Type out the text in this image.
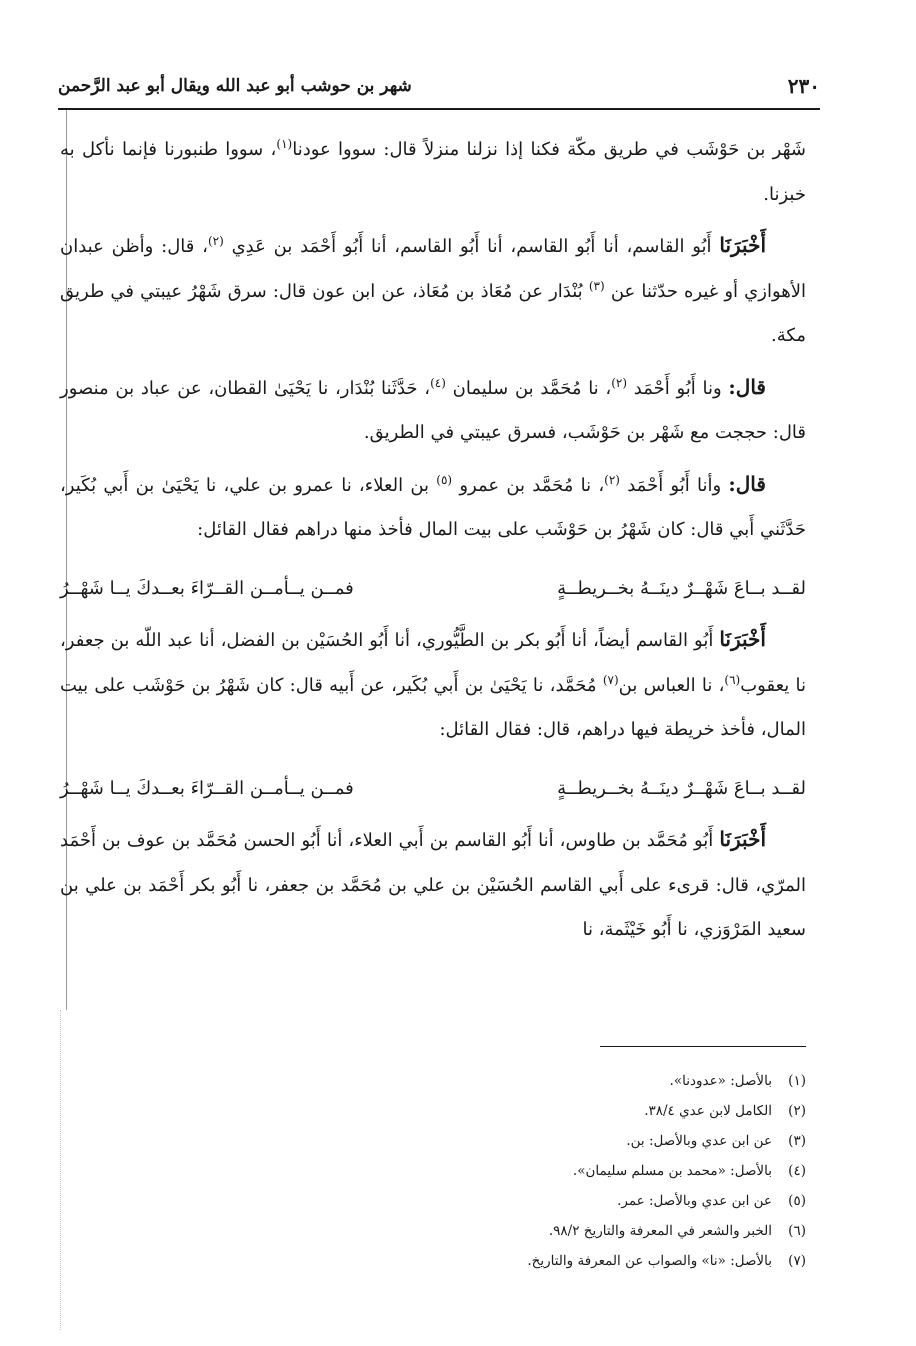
٢٣٠
شهر بن حوشب أبو عبد الله ويقال أبو عبد الرَّحمن

شَهْر بن حَوْشَب في طريق مكّة فكنا إذا نزلنا منزلاً قال: سووا عودنا$^{(١)}$، سووا طنبورنا فإنما نأكل به خبزنا.

أَخْبَرَنَا أَبُو القاسم، أنا أَبُو القاسم، أنا أَبُو القاسم، أنا أَبُو أَحْمَد بن عَدِي $^{(٢)}$، قال: وأظن عبدان الأهوازي أو غيره حدّثنا عن $^{(٣)}$ بُنْدَار عن مُعَاذ بن مُعَاذ، عن ابن عون قال: سرق شَهْرُ عيبتي في طريق مكة.

قال: ونا أَبُو أَحْمَد $^{(٢)}$، نا مُحَمَّد بن سليمان $^{(٤)}$، حَدَّثَنا بُنْدَار، نا يَحْيَىٰ القطان، عن عباد بن منصور قال: حججت مع شَهْر بن حَوْشَب، فسرق عيبتي في الطريق.

قال: وأنا أَبُو أَحْمَد $^{(٢)}$، نا مُحَمَّد بن عمرو $^{(٥)}$ بن العلاء، نا عمرو بن علي، نا يَحْيَىٰ بن أَبي بُكَير، حَدَّثَني أَبي قال: كان شَهْرُ بن حَوْشَب على بيت المال فأخذ منها دراهم فقال القائل:

لقــد بــاعَ شَهْــرٌ دينَــهُ بخــريطــةٍ
فمــن يــأمــن القــرّاءَ بعــدكَ يــا شَهْــرُ

أَخْبَرَنَا أَبُو القاسم أيضاً، أنا أَبُو بكر بن الطَّيُّوري، أنا أَبُو الحُسَيْن بن الفضل، أنا عبد اللّه بن جعفر، نا يعقوب$^{(٦)}$، نا العباس بن$^{(٧)}$ مُحَمَّد، نا يَحْيَىٰ بن أَبي بُكَير، عن أَبيه قال: كان شَهْرُ بن حَوْشَب على بيت المال، فأخذ خريطة فيها دراهم، قال: فقال القائل:

لقــد بــاعَ شَهْــرٌ دينَــهُ بخــريطــةٍ
فمــن يــأمــن القــرّاءَ بعــدكَ يــا شَهْــرُ

أَخْبَرَنَا أَبُو مُحَمَّد بن طاوس، أنا أَبُو القاسم بن أَبي العلاء، أنا أَبُو الحسن مُحَمَّد بن عوف بن أَحْمَد المرّي، قال: قرىء على أَبي القاسم الحُسَيْن بن علي بن مُحَمَّد بن جعفر، نا أَبُو بكر أَحْمَد بن علي بن سعيد المَرْوَزي، نا أَبُو خَيْثَمة، نا

(١)
بالأصل: «عدودنا».
(٢)
الكامل لابن عدي ٣٨/٤.
(٣)
عن ابن عدي وبالأصل: بن.
(٤)
بالأصل: «محمد بن مسلم سليمان».
(٥)
عن ابن عدي وبالأصل: عمر.
(٦)
الخبر والشعر في المعرفة والتاريخ ٩٨/٢.
(٧)
بالأصل: «نا» والصواب عن المعرفة والتاريخ.
